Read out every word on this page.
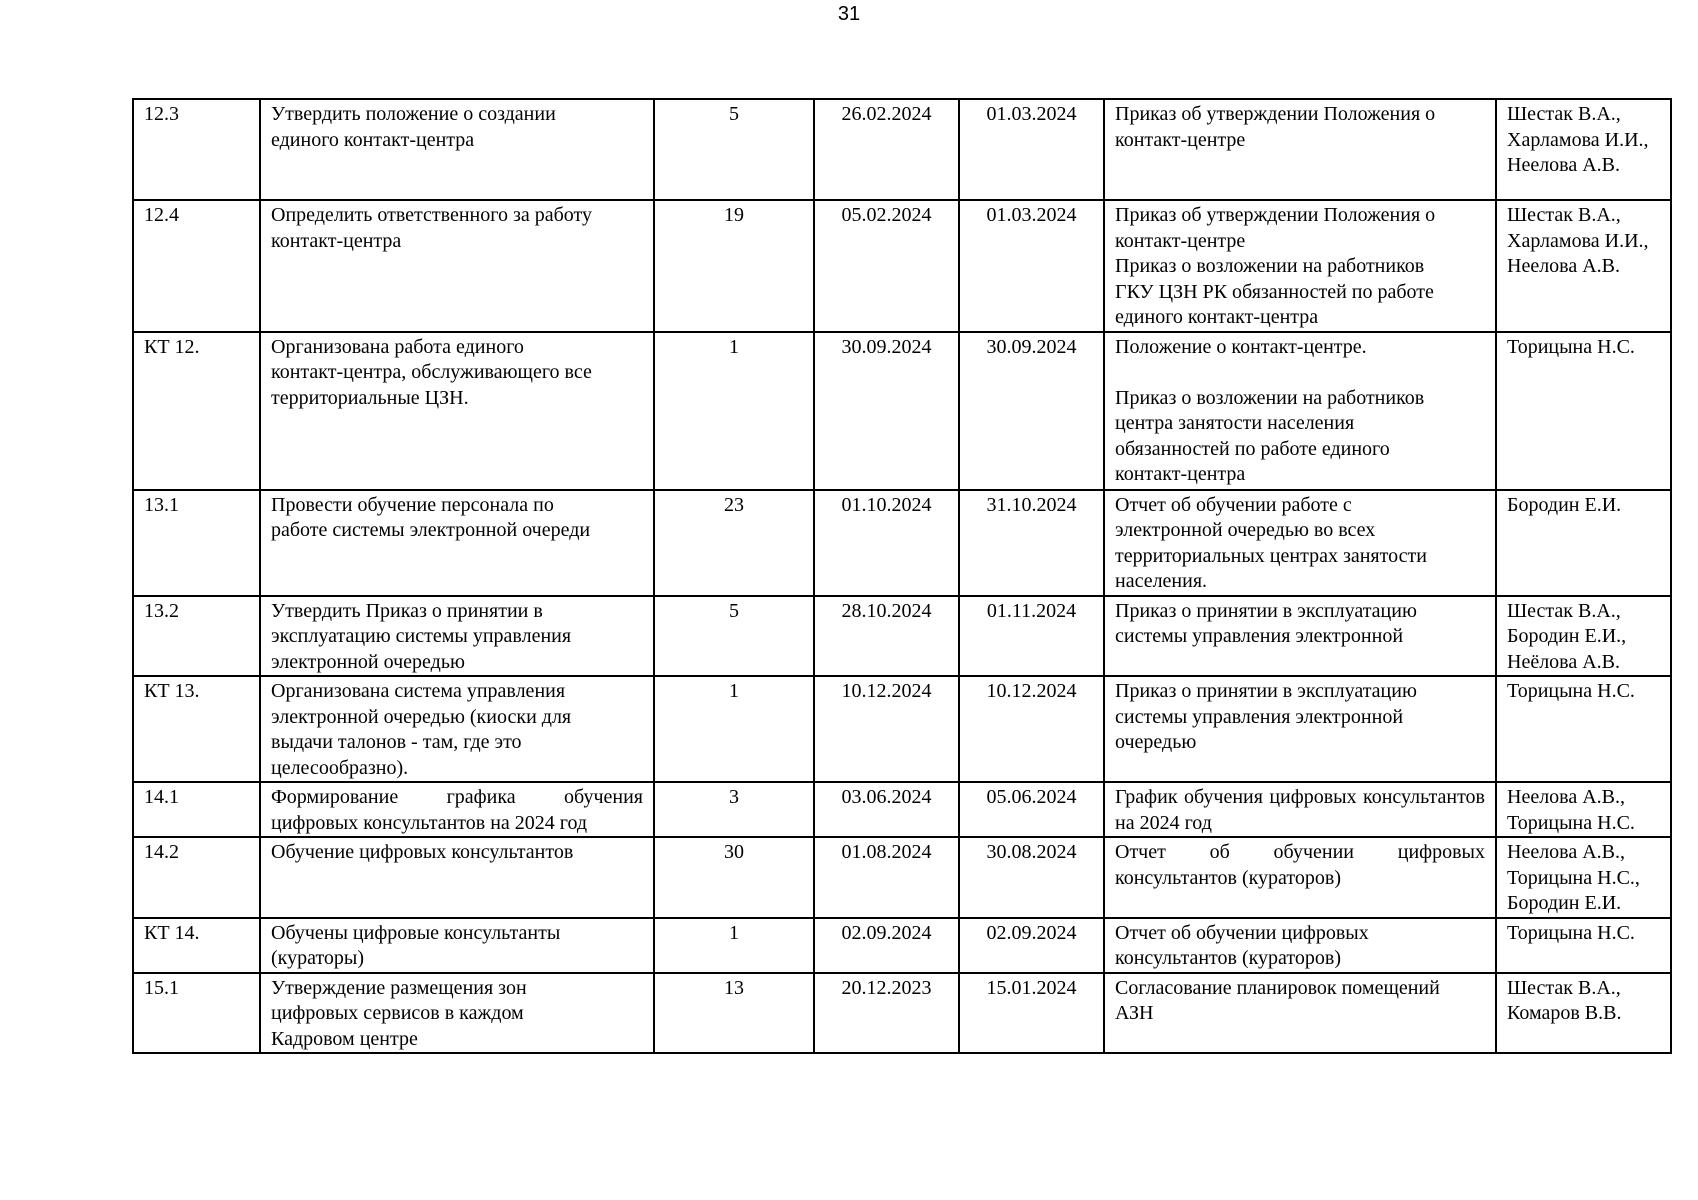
31
12.3	Утвердить положение о создании
единого контакт-центра	5	26.02.2024	01.03.2024	Приказ об утверждении Положения о
контакт-центре	Шестак В.А.,
Харламова И.И.,
Неелова А.В.
12.4	Определить ответственного за работу
контакт-центра	19	05.02.2024	01.03.2024	Приказ об утверждении Положения о
контакт-центре
Приказ о возложении на работников
ГКУ ЦЗН РК обязанностей по работе
единого контакт-центра	Шестак В.А.,
Харламова И.И.,
Неелова А.В.
КТ 12.	Организована работа единого
контакт-центра, обслуживающего все
территориальные ЦЗН.	1	30.09.2024	30.09.2024	Положение о контакт-центре.

Приказ о возложении на работников
центра занятости населения
обязанностей по работе единого
контакт-центра	Торицына Н.С.
13.1	Провести обучение персонала по
работе системы электронной очереди	23	01.10.2024	31.10.2024	Отчет об обучении работе с
электронной очередью во всех
территориальных центрах занятости
населения.	Бородин Е.И.
13.2	Утвердить Приказ о принятии в
эксплуатацию системы управления
электронной очередью	5	28.10.2024	01.11.2024	Приказ о принятии в эксплуатацию
системы управления электронной	Шестак В.А.,
Бородин Е.И.,
Неёлова А.В.
КТ 13.	Организована система управления
электронной очередью (киоски для
выдачи талонов - там, где это
целесообразно).	1	10.12.2024	10.12.2024	Приказ о принятии в эксплуатацию
системы управления электронной
очередью	Торицына Н.С.
14.1	Формирование графика обучения цифровых консультантов на 2024 год	3	03.06.2024	05.06.2024	График обучения цифровых консультантов на 2024 год	Неелова А.В.,
Торицына Н.С.
14.2	Обучение цифровых консультантов	30	01.08.2024	30.08.2024	Отчет об обучении цифровых консультантов (кураторов)	Неелова А.В.,
Торицына Н.С.,
Бородин Е.И.
КТ 14.	Обучены цифровые консультанты
(кураторы)	1	02.09.2024	02.09.2024	Отчет об обучении цифровых
консультантов (кураторов)	Торицына Н.С.
15.1	Утверждение размещения зон
цифровых сервисов в каждом
Кадровом центре	13	20.12.2023	15.01.2024	Согласование планировок помещений
АЗН	Шестак В.А.,
Комаров В.В.
